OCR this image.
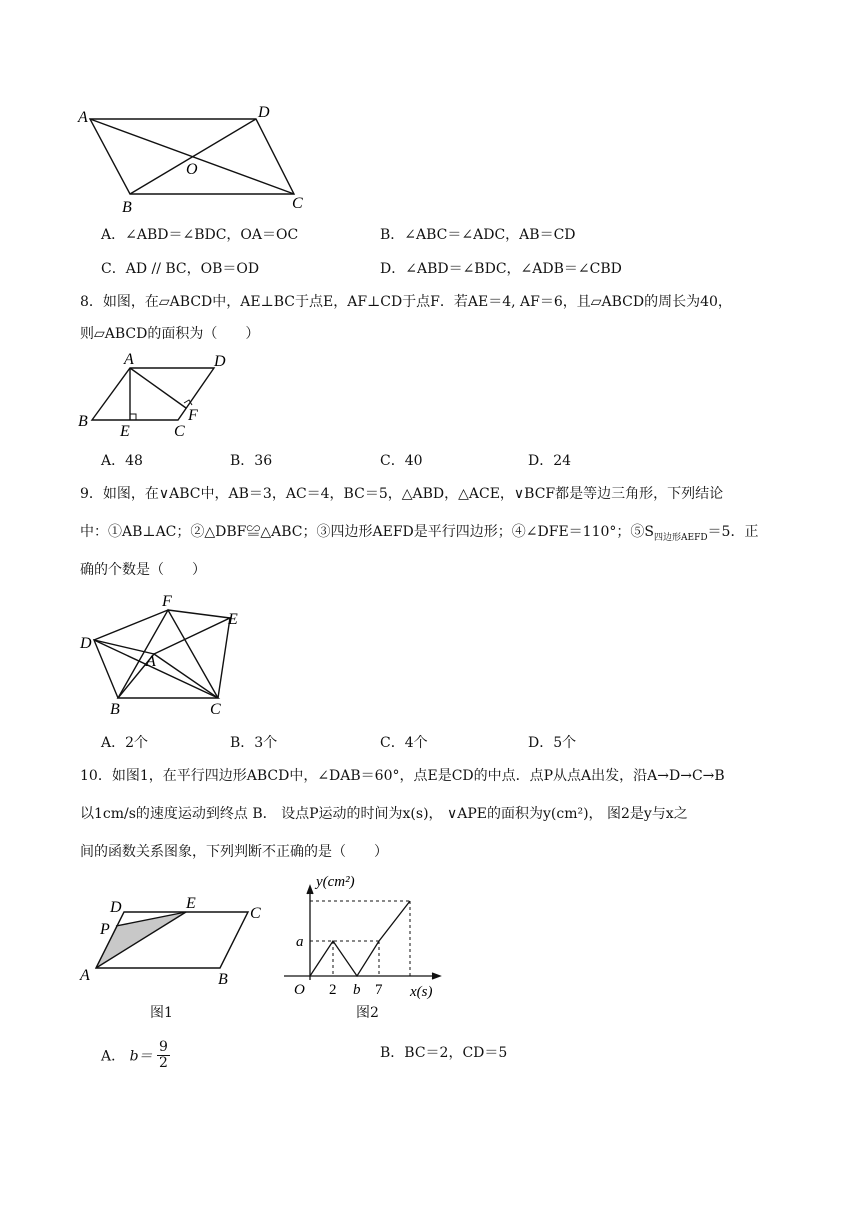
A	D
O
B	C
A．∠ABD＝∠BDC，OA＝OC	B．∠ABC＝∠ADC，AB＝CD
C．AD // BC，OB＝OD	D．∠ABD＝∠BDC，∠ADB＝∠CBD
8．如图，在▱ABCD中，AE⊥BC于点E，AF⊥CD于点F．若AE＝4, AF＝6，且▱ABCD的周长为40，
则▱ABCD的面积为（　　）
A	D
B
E	C
F
A．48	B．36	C．40	D．24
9．如图，在∨ABC中，AB＝3，AC＝4，BC＝5，△ABD，△ACE，∨BCF都是等边三角形，下列结论
中：①AB⊥AC；②△DBF≌△ABC；③四边形AEFD是平行四边形；④∠DFE＝110°；$⑤S_{四边形AEFD}=5$．正
确的个数是（　　）
F
E
D
A
B	C
A．2个	B．3个	C．4个	D．5个
10．如图1，在平行四边形ABCD中，∠DAB＝60°，点E是CD的中点．点P从点A出发，沿A→D→C→B
以1cm/s的速度运动到终点 B． 设点P运动的时间为x(s)， ∨APE的面积为y(cm²)， 图2是y与x之
间的函数关系图象，下列判断不正确的是（　　）
D	E
C
P
A	B
图1
y(cm²)
x(s)
a
O 2 b 7
图2
A． $b= \frac{9}{2}$	B．BC＝2，CD＝5
